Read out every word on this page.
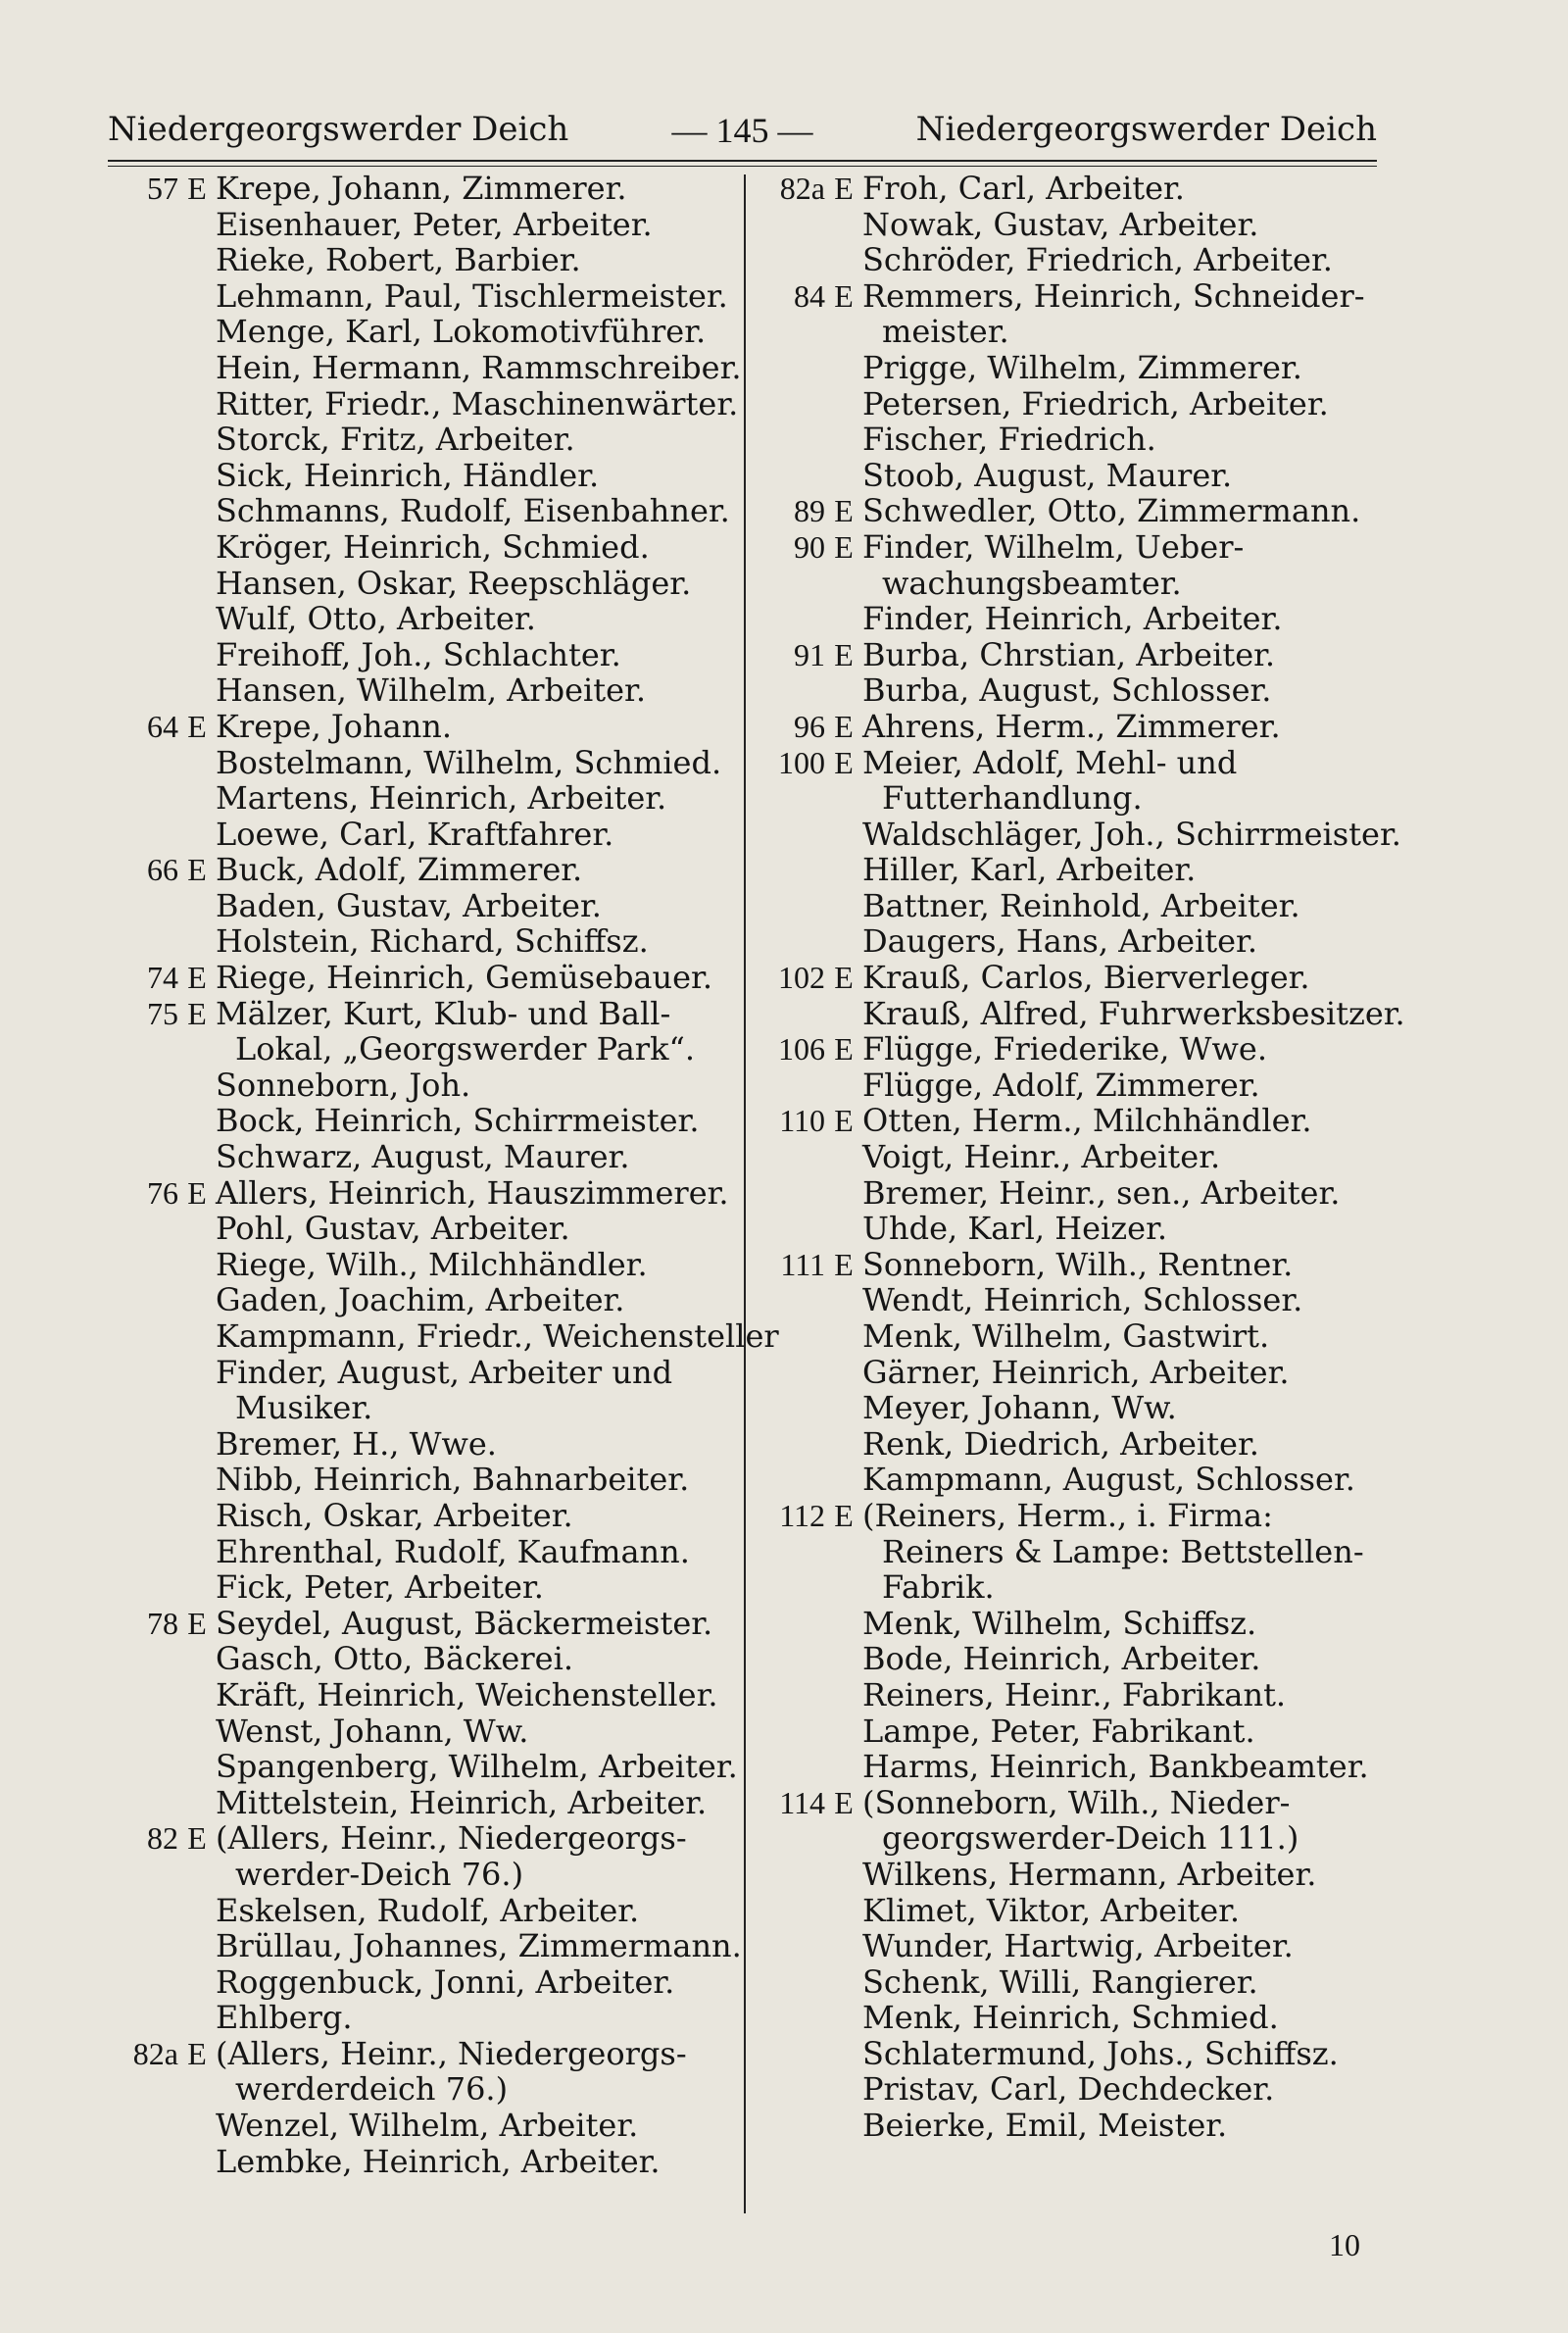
Niedergeorgswerder Deich	— 145 —	Niedergeorgswerder Deich
57 E Krepe, Johann, Zimmerer.
Eisenhauer, Peter, Arbeiter.
Rieke, Robert, Barbier.
Lehmann, Paul, Tischlermeister.
Menge, Karl, Lokomotivführer.
Hein, Hermann, Rammschreiber.
Ritter, Friedr., Maschinenwärter.
Storck, Fritz, Arbeiter.
Sick, Heinrich, Händler.
Schmanns, Rudolf, Eisenbahner.
Kröger, Heinrich, Schmied.
Hansen, Oskar, Reepschläger.
Wulf, Otto, Arbeiter.
Freihoff, Joh., Schlachter.
Hansen, Wilhelm, Arbeiter.
64 E Krepe, Johann.
Bostelmann, Wilhelm, Schmied.
Martens, Heinrich, Arbeiter.
Loewe, Carl, Kraftfahrer.
66 E Buck, Adolf, Zimmerer.
Baden, Gustav, Arbeiter.
Holstein, Richard, Schiffsz.
74 E Riege, Heinrich, Gemüsebauer.
75 E Mälzer, Kurt, Klub- und Ball-
Lokal, „Georgswerder Park“.
Sonneborn, Joh.
Bock, Heinrich, Schirrmeister.
Schwarz, August, Maurer.
76 E Allers, Heinrich, Hauszimmerer.
Pohl, Gustav, Arbeiter.
Riege, Wilh., Milchhändler.
Gaden, Joachim, Arbeiter.
Kampmann, Friedr., Weichensteller
Finder, August, Arbeiter und
Musiker.
Bremer, H., Wwe.
Nibb, Heinrich, Bahnarbeiter.
Risch, Oskar, Arbeiter.
Ehrenthal, Rudolf, Kaufmann.
Fick, Peter, Arbeiter.
78 E Seydel, August, Bäckermeister.
Gasch, Otto, Bäckerei.
Kräft, Heinrich, Weichensteller.
Wenst, Johann, Ww.
Spangenberg, Wilhelm, Arbeiter.
Mittelstein, Heinrich, Arbeiter.
82 E (Allers, Heinr., Niedergeorgs-
werder-Deich 76.)
Eskelsen, Rudolf, Arbeiter.
Brüllau, Johannes, Zimmermann.
Roggenbuck, Jonni, Arbeiter.
Ehlberg.
82a E (Allers, Heinr., Niedergeorgs-
werderdeich 76.)
Wenzel, Wilhelm, Arbeiter.
Lembke, Heinrich, Arbeiter.
82a E Froh, Carl, Arbeiter.
Nowak, Gustav, Arbeiter.
Schröder, Friedrich, Arbeiter.
84 E Remmers, Heinrich, Schneider-
meister.
Prigge, Wilhelm, Zimmerer.
Petersen, Friedrich, Arbeiter.
Fischer, Friedrich.
Stoob, August, Maurer.
89 E Schwedler, Otto, Zimmermann.
90 E Finder, Wilhelm, Ueber-
wachungsbeamter.
Finder, Heinrich, Arbeiter.
91 E Burba, Chrstian, Arbeiter.
Burba, August, Schlosser.
96 E Ahrens, Herm., Zimmerer.
100 E Meier, Adolf, Mehl- und
Futterhandlung.
Waldschläger, Joh., Schirrmeister.
Hiller, Karl, Arbeiter.
Battner, Reinhold, Arbeiter.
Daugers, Hans, Arbeiter.
102 E Krauß, Carlos, Bierverleger.
Krauß, Alfred, Fuhrwerksbesitzer.
106 E Flügge, Friederike, Wwe.
Flügge, Adolf, Zimmerer.
110 E Otten, Herm., Milchhändler.
Voigt, Heinr., Arbeiter.
Bremer, Heinr., sen., Arbeiter.
Uhde, Karl, Heizer.
111 E Sonneborn, Wilh., Rentner.
Wendt, Heinrich, Schlosser.
Menk, Wilhelm, Gastwirt.
Gärner, Heinrich, Arbeiter.
Meyer, Johann, Ww.
Renk, Diedrich, Arbeiter.
Kampmann, August, Schlosser.
112 E (Reiners, Herm., i. Firma:
Reiners & Lampe: Bettstellen-
Fabrik.
Menk, Wilhelm, Schiffsz.
Bode, Heinrich, Arbeiter.
Reiners, Heinr., Fabrikant.
Lampe, Peter, Fabrikant.
Harms, Heinrich, Bankbeamter.
114 E (Sonneborn, Wilh., Nieder-
georgswerder-Deich 111.)
Wilkens, Hermann, Arbeiter.
Klimet, Viktor, Arbeiter.
Wunder, Hartwig, Arbeiter.
Schenk, Willi, Rangierer.
Menk, Heinrich, Schmied.
Schlatermund, Johs., Schiffsz.
Pristav, Carl, Dechdecker.
Beierke, Emil, Meister.
10
